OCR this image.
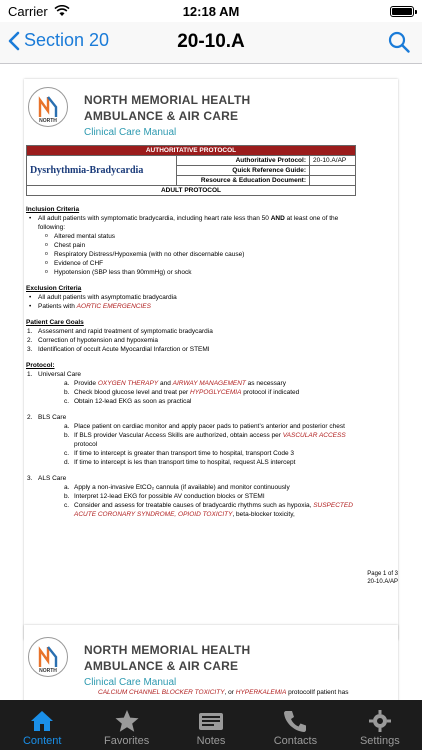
Carrier	12:18 AM
Section 20	20-10.A
NORTH
NORTH MEMORIAL HEALTH
AMBULANCE & AIR CARE
Clinical Care Manual
AUTHORITATIVE PROTOCOL		
Dysrhythmia-Bradycardia	Authoritative Protocol:	20-10.A/AP
	Quick Reference Guide:	
	Resource & Education Document:	
ADULT PROTOCOL		
Inclusion Criteria
• All adult patients with symptomatic bradycardia, including heart rate less than 50 AND at least one of the following:
o Altered mental status
o Chest pain
o Respiratory Distress/Hypoxemia (with no other discernable cause)
o Evidence of CHF
o Hypotension (SBP less than 90mmHg) or shock
Exclusion Criteria
• All adult patients with asymptomatic bradycardia
• Patients with AORTIC EMERGENCIES
Patient Care Goals
1. Assessment and rapid treatment of symptomatic bradycardia
2. Correction of hypotension and hypoxemia
3. Identification of occult Acute Myocardial Infarction or STEMI
Protocol:
1. Universal Care
a. Provide OXYGEN THERAPY and AIRWAY MANAGEMENT as necessary
b. Check blood glucose level and treat per HYPOGLYCEMIA protocol if indicated
c. Obtain 12-lead EKG as soon as practical
2. BLS Care
a. Place patient on cardiac monitor and apply pacer pads to patient’s anterior and posterior chest
b. If BLS provider Vascular Access Skills are authorized, obtain access per VASCULAR ACCESS protocol
c. If time to intercept is greater than transport time to hospital, transport Code 3
d. If time to intercept is les than transport time to hospital, request ALS intercept
3. ALS Care
a. Apply a non-invasive EtCO₂ cannula (if available) and monitor continuously
b. Interpret 12-lead EKG for possible AV conduction blocks or STEMI
c. Consider and assess for treatable causes of bradycardic rhythms such as hypoxia, SUSPECTED ACUTE CORONARY SYNDROME, OPIOID TOXICITY, beta-blocker toxicity,
Page 1 of 3
20-10.A/AP
NORTH
NORTH MEMORIAL HEALTH
AMBULANCE & AIR CARE
Clinical Care Manual
CALCIUM CHANNEL BLOCKER TOXICITY, or HYPERKALEMIA protocolIf patient has
Content	Favorites	Notes	Contacts	Settings
